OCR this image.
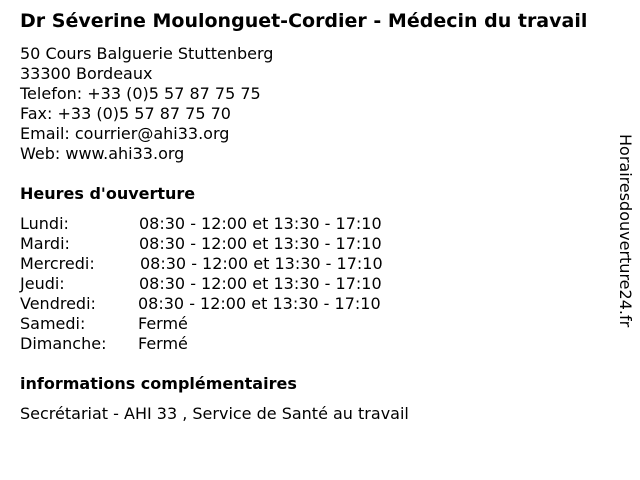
Dr Séverine Moulonguet-Cordier - Médecin du travail
50 Cours Balguerie Stuttenberg
33300 Bordeaux
Telefon: +33 (0)5 57 87 75 75
Fax: +33 (0)5 57 87 75 70
Email: courrier@ahi33.org
Web: www.ahi33.org
Heures d'ouverture
Lundi:	08:30 - 12:00 et 13:30 - 17:10
Mardi:	08:30 - 12:00 et 13:30 - 17:10
Mercredi:	08:30 - 12:00 et 13:30 - 17:10
Jeudi:	08:30 - 12:00 et 13:30 - 17:10
Vendredi:	08:30 - 12:00 et 13:30 - 17:10
Samedi:	Fermé
Dimanche: Fermé
informations complémentaires
Secrétariat - AHI 33 , Service de Santé au travail
Horairesdouverture24.fr
